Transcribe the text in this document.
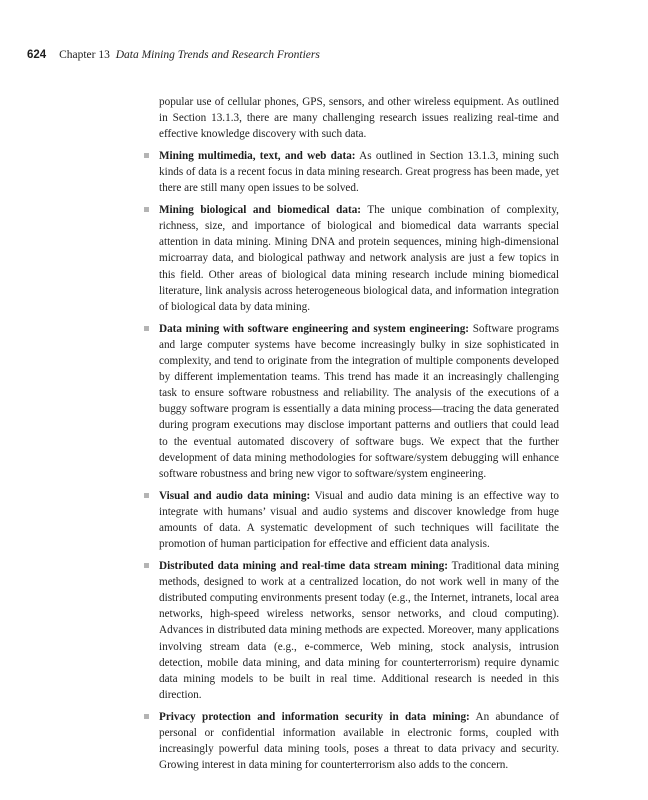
624 Chapter 13 Data Mining Trends and Research Frontiers

popular use of cellular phones, GPS, sensors, and other wireless equipment. As outlined in Section 13.1.3, there are many challenging research issues realizing real-time and effective knowledge discovery with such data.

Mining multimedia, text, and web data: As outlined in Section 13.1.3, mining such kinds of data is a recent focus in data mining research. Great progress has been made, yet there are still many open issues to be solved.

Mining biological and biomedical data: The unique combination of complexity, richness, size, and importance of biological and biomedical data warrants special attention in data mining. Mining DNA and protein sequences, mining high-dimensional microarray data, and biological pathway and network analysis are just a few topics in this field. Other areas of biological data mining research include mining biomedical literature, link analysis across heterogeneous biological data, and information integration of biological data by data mining.

Data mining with software engineering and system engineering: Software programs and large computer systems have become increasingly bulky in size sophisticated in complexity, and tend to originate from the integration of multiple components developed by different implementation teams. This trend has made it an increasingly challenging task to ensure software robustness and reliability. The analysis of the executions of a buggy software program is essentially a data mining process—tracing the data generated during program executions may disclose important patterns and outliers that could lead to the eventual automated discovery of software bugs. We expect that the further development of data mining methodologies for software/system debugging will enhance software robustness and bring new vigor to software/system engineering.

Visual and audio data mining: Visual and audio data mining is an effective way to integrate with humans’ visual and audio systems and discover knowledge from huge amounts of data. A systematic development of such techniques will facilitate the promotion of human participation for effective and efficient data analysis.

Distributed data mining and real-time data stream mining: Traditional data mining methods, designed to work at a centralized location, do not work well in many of the distributed computing environments present today (e.g., the Internet, intranets, local area networks, high-speed wireless networks, sensor networks, and cloud computing). Advances in distributed data mining methods are expected. Moreover, many applications involving stream data (e.g., e-commerce, Web mining, stock analysis, intrusion detection, mobile data mining, and data mining for counterterrorism) require dynamic data mining models to be built in real time. Additional research is needed in this direction.

Privacy protection and information security in data mining: An abundance of personal or confidential information available in electronic forms, coupled with increasingly powerful data mining tools, poses a threat to data privacy and security. Growing interest in data mining for counterterrorism also adds to the concern.
